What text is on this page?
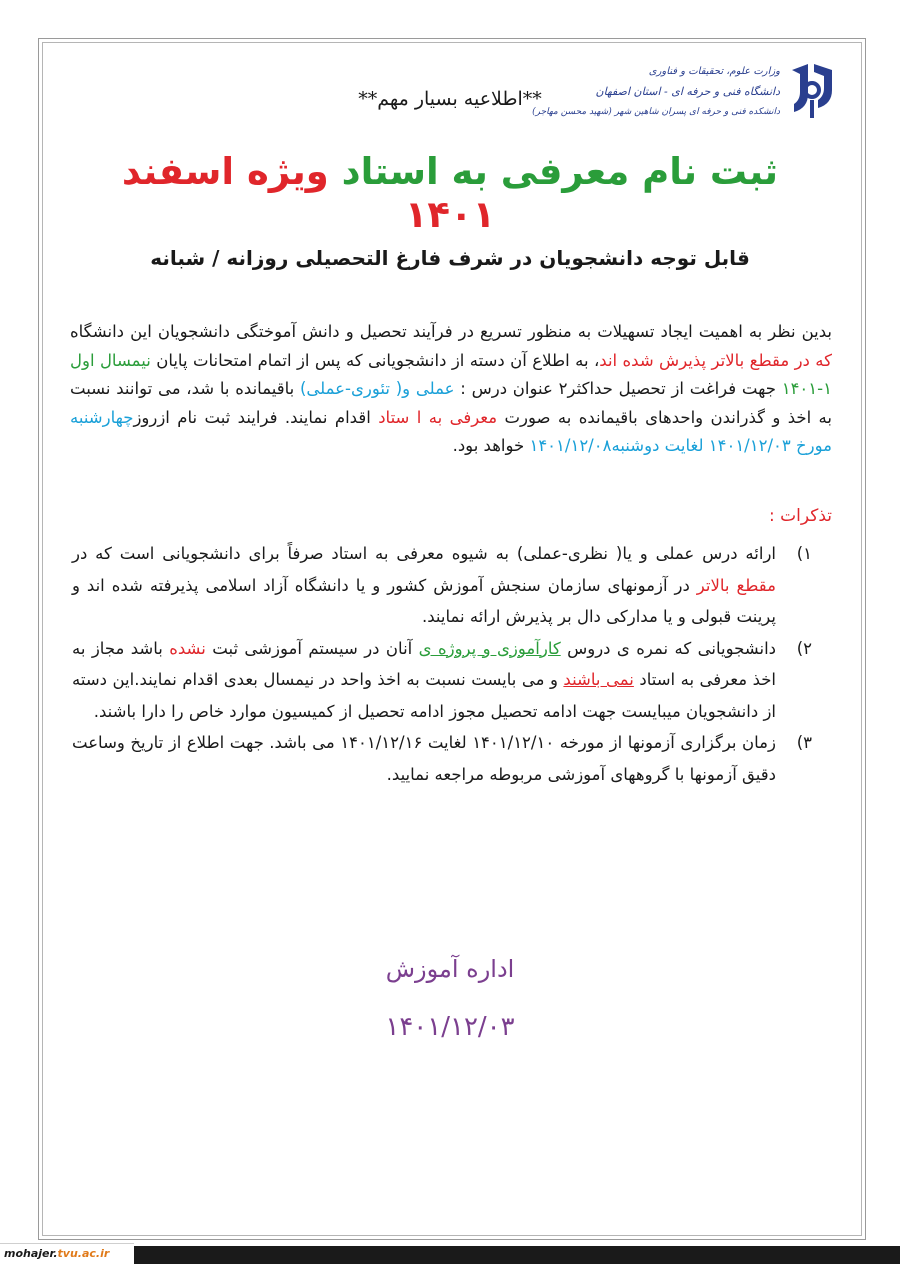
وزارت علوم، تحقیقات و فناوری
دانشگاه فنی و حرفه ای - استان اصفهان
دانشکده فنی و حرفه ای پسران شاهین شهر (شهید محسن مهاجر)
**اطلاعیه بسیار مهم**
ثبت نام معرفی به استاد ویژه اسفند ۱۴۰۱
قابل توجه دانشجویان در شرف فارغ التحصیلی روزانه / شبانه
بدین نظر به اهمیت ایجاد تسهیلات به منظور تسریع در فرآیند تحصیل و دانش آموختگی دانشجویان این دانشگاه که در مقطع بالاتر پذیرش شده اند، به اطلاع آن دسته از دانشجویانی که پس از اتمام امتحانات پایان نیمسال اول ۱-۱۴۰۱ جهت فراغت از تحصیل حداکثر۲ عنوان درس : عملی و( تئوری-عملی) باقیمانده با شد، می توانند نسبت به اخذ و گذراندن واحدهای باقیمانده به صورت معرفی به ا ستاد اقدام نمایند. فرایند ثبت نام ازروزچهارشنبه مورخ ۱۴۰۱/۱۲/۰۳ لغایت دوشنبه۱۴۰۱/۱۲/۰۸ خواهد بود.
تذکرات :
۱)
ارائه درس عملی و یا( نظری-عملی) به شیوه معرفی به استاد صرفاً برای دانشجویانی است که در مقطع بالاتر در آزمونهای سازمان سنجش آموزش کشور و یا دانشگاه آزاد اسلامی پذیرفته شده اند و پرینت قبولی و یا مدارکی دال بر پذیرش ارائه نمایند.
۲)
دانشجویانی که نمره ی دروس کارآموزی و پروژه ی آنان در سیستم آموزشی ثبت نشده باشد مجاز به اخذ معرفی به استاد نمی باشند و می بایست نسبت به اخذ واحد در نیمسال بعدی اقدام نمایند.این دسته از دانشجویان میبایست جهت ادامه تحصیل مجوز ادامه تحصیل از کمیسیون موارد خاص را دارا باشند.
۳)
زمان برگزاری آزمونها از مورخه ۱۴۰۱/۱۲/۱۰ لغایت ۱۴۰۱/۱۲/۱۶ می باشد. جهت اطلاع از تاریخ وساعت دقیق آزمونها با گروههای آموزشی مربوطه مراجعه نمایید.
اداره آموزش
۱۴۰۱/۱۲/۰۳
mohajer.tvu.ac.ir
